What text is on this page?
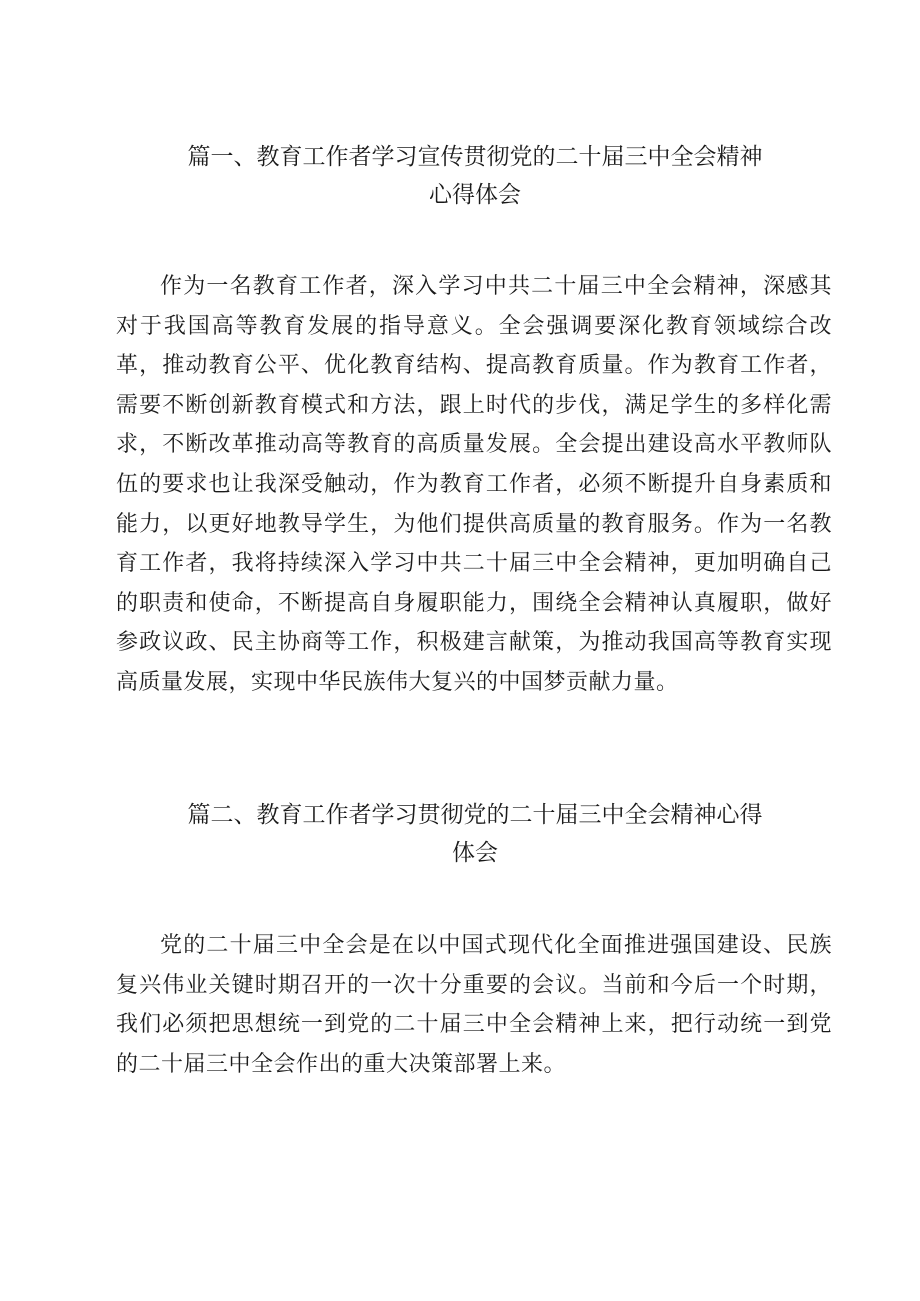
篇一、教育工作者学习宣传贯彻党的二十届三中全会精神
心得体会

作为一名教育工作者，深入学习中共二十届三中全会精神，深感其对于我国高等教育发展的指导意义。全会强调要深化教育领域综合改革，推动教育公平、优化教育结构、提高教育质量。作为教育工作者，需要不断创新教育模式和方法，跟上时代的步伐，满足学生的多样化需求，不断改革推动高等教育的高质量发展。全会提出建设高水平教师队伍的要求也让我深受触动，作为教育工作者，必须不断提升自身素质和能力，以更好地教导学生，为他们提供高质量的教育服务。作为一名教育工作者，我将持续深入学习中共二十届三中全会精神，更加明确自己的职责和使命，不断提高自身履职能力，围绕全会精神认真履职，做好参政议政、民主协商等工作，积极建言献策，为推动我国高等教育实现高质量发展，实现中华民族伟大复兴的中国梦贡献力量。

篇二、教育工作者学习贯彻党的二十届三中全会精神心得
体会

党的二十届三中全会是在以中国式现代化全面推进强国建设、民族复兴伟业关键时期召开的一次十分重要的会议。当前和今后一个时期，我们必须把思想统一到党的二十届三中全会精神上来，把行动统一到党的二十届三中全会作出的重大决策部署上来。
